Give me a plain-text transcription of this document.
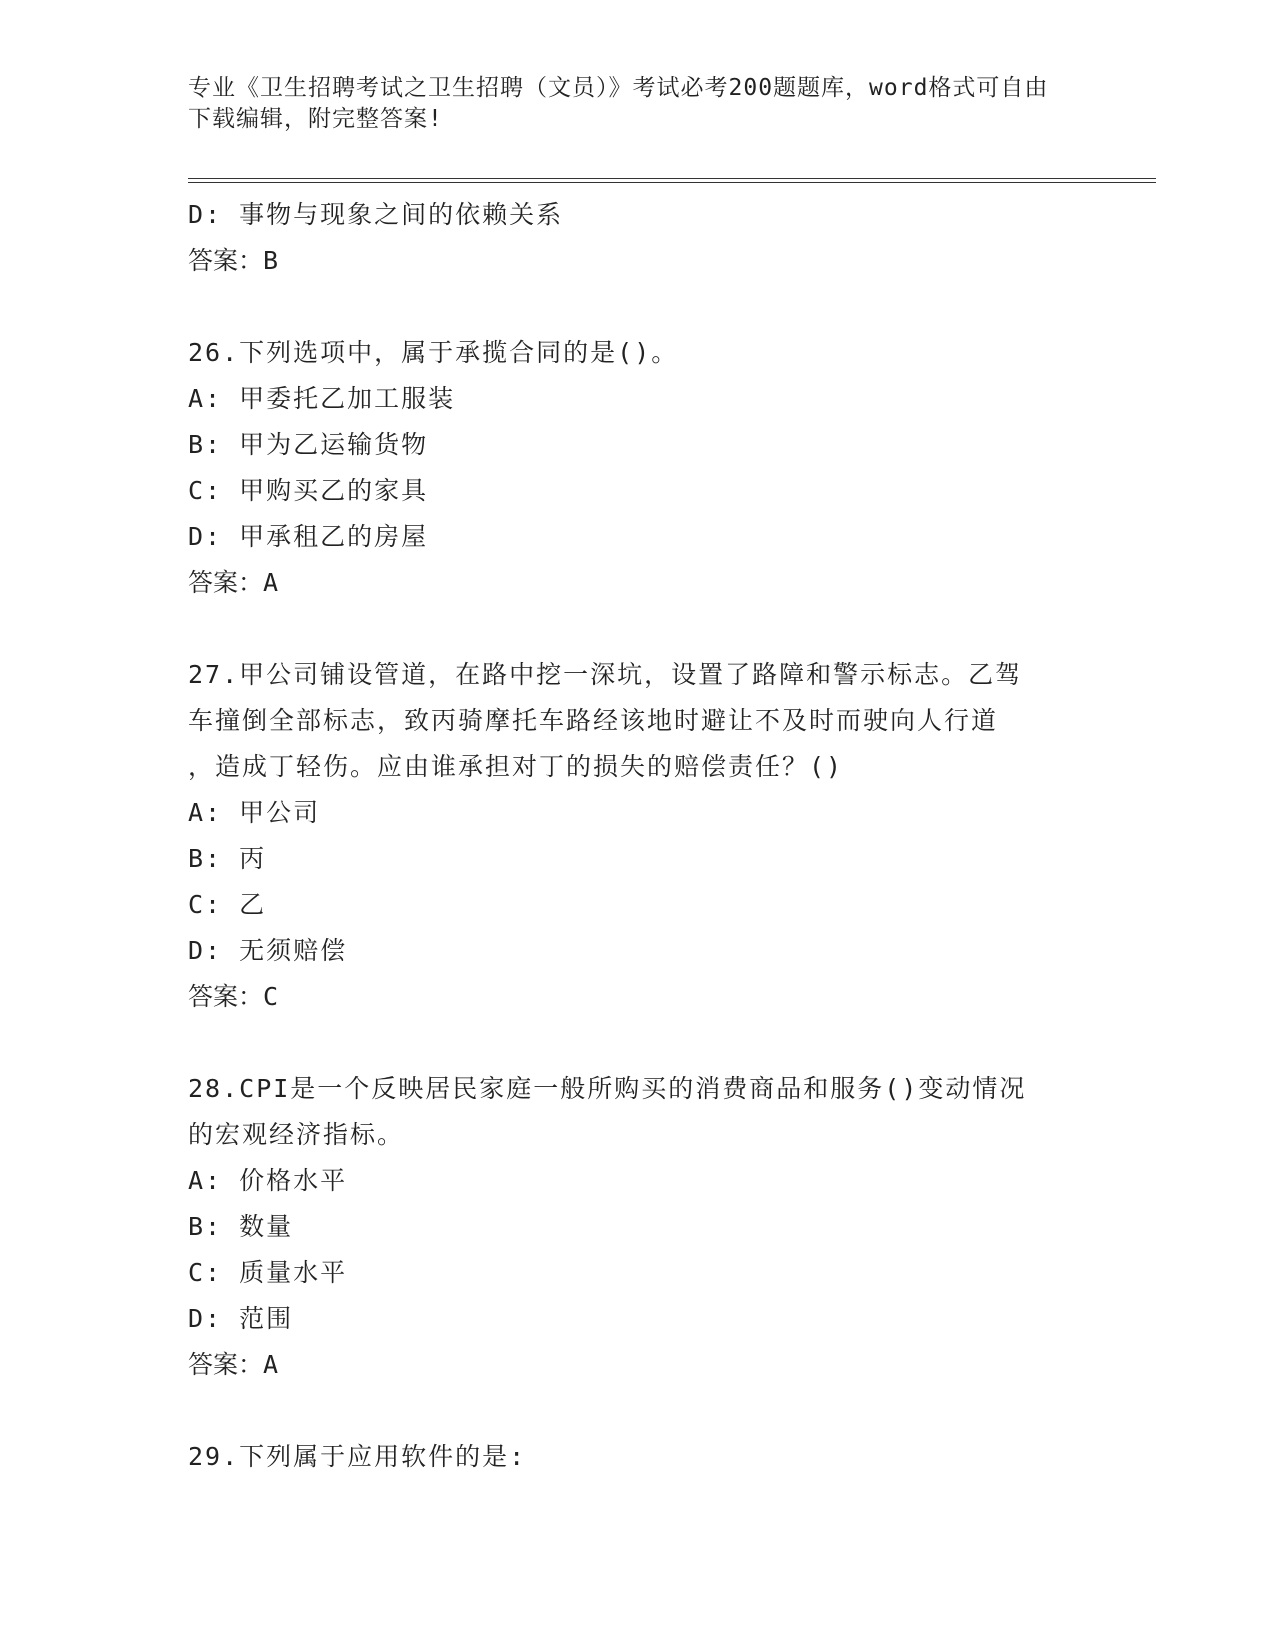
专业《卫生招聘考试之卫生招聘（文员）》考试必考200题题库，word格式可自由下载编辑，附完整答案!
D: 事物与现象之间的依赖关系
答案：B
26.下列选项中，属于承揽合同的是()。
A: 甲委托乙加工服装
B: 甲为乙运输货物
C: 甲购买乙的家具
D: 甲承租乙的房屋
答案：A
27.甲公司铺设管道，在路中挖一深坑，设置了路障和警示标志。乙驾
车撞倒全部标志，致丙骑摩托车路经该地时避让不及时而驶向人行道
，造成丁轻伤。应由谁承担对丁的损失的赔偿责任？()
A: 甲公司
B: 丙
C: 乙
D: 无须赔偿
答案：C
28.CPI是一个反映居民家庭一般所购买的消费商品和服务()变动情况
的宏观经济指标。
A: 价格水平
B: 数量
C: 质量水平
D: 范围
答案：A
29.下列属于应用软件的是:
